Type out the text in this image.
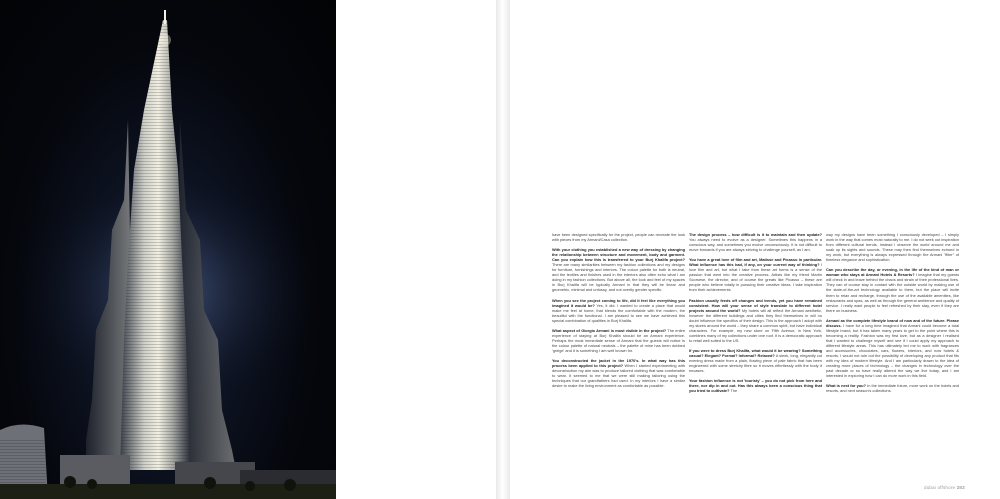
have been designed specifically for the project, people can recreate the look with pieces from my Armani/Casa collection.

With your clothing you established a new way of dressing by changing the relationship between structure and movement, body and garment. Can you explain how this is transferred to your Burj Khalifa project? There are many similarities between my fashion collections and my designs for furniture, furnishings and interiors. The colour palette for both is neutral, and the textiles and finishes used in the interiors also often echo what I am doing in my fashion collections. But above all, the look and feel of my spaces in Burj Khalifa will be typically Armani in that they will be linear and geometric, minimal and unfussy, and not overtly gender specific.

When you see the project coming to life, did it feel like everything you imagined it would be? Yes, it did. I wanted to create a place that would make me feel at home, that blends the comfortable with the modern, the beautiful with the functional. I am pleased to see we have achieved this special combination of qualities in Burj Khalifa.

What aspect of Giorgio Armani is most visible in the project? The entire experience of staying at Burj Khalifa should be an Armani experience. Perhaps the most immediate sense of Armani that the guests will notice is the colour palette of natural neutrals – the palette of mine has been dubbed 'greige' and it is something I am well known for.

You deconstructed the jacket in the 1970's. In what way has this process been applied to this project? When I started experimenting with deconstruction my aim was to produce tailored clothing that was comfortable to wear. It seemed to me that we were still making tailoring using the techniques that our grandfathers had used. In my interiors I have a similar desire to make the living environment as comfortable as possible.

The design process – how difficult is it to maintain and then update? You always need to evolve as a designer. Sometimes this happens in a conscious way, and sometimes you evolve unconsciously. It is not difficult to move forwards if you are always striving to challenge yourself, as I am.

You have a great love of film and art, Matisse and Picasso in particular. What influence has this had, if any, on your current way of thinking? I love film and art, but what I take from these art forms is a sense of the passion that went into the creative process. Artists like my friend Martin Scorsese, the director, and of course the greats like Picasso – these are people who believe totally in pursuing their creative ideas. I take inspiration from their achievements.

Fashion usually feeds off changes and trends, yet you have remained consistent. How will your sense of style translate to different hotel projects around the world? My hotels will all reflect the Armani aesthetic, however the different buildings and cities they find themselves in will no doubt influence the specifics of their design. This is the approach I adopt with my stores around the world – they share a common spirit, but have individual characters. For example, my new store on Fifth Avenue, in New York, combines many of my collections under one roof. It is a democratic approach to retail well suited to the US.

If you were to dress Burj Khalifa, what would it be wearing? Something casual? Elegant? Formal? Informal? Relaxed? A sleek, long, elegantly cut evening dress made from a plain, flowing piece of pale fabric that has been engineered with some stretchy fibre so it moves effortlessly with the body it encases.

Your fashion influence is not 'touristy' – you do not pick from here and there, nor dip in and out. Has this always been a conscious thing that you tried to cultivate? The

way my designs have been something I consciously developed – I simply work in the way that comes most naturally to me. I do not seek out inspiration from different cultural trends. Instead I observe the world around me and soak up its sights and sounds. These may then find themselves echoed in my work, but everything is always expressed through the Armani "filter" of timeless elegance and sophistication.

Can you describe the day, or evening, in the life of the kind of man or woman who stays at Armani Hotels & Resorts? I imagine that my guests will check in and leave behind the chaos and strain of their professional lives. They can of course stay in contact with the outside world by making use of the state-of-the-art technology available to them, but the place will invite them to relax and recharge, through the use of the available amenities, like restaurants and spas, as well as through the general ambience and quality of service. I really want people to feel refreshed by their stay, even if they are there on business.

Armani as the complete lifestyle brand of now and of the future. Please discuss. I have for a long time imagined that Armani could become a total lifestyle brand, but it has taken many years to get to the point where this is becoming a reality. Fashion was my first love, but as a designer I realised that I wanted to challenge myself and see if I could apply my approach to different lifestyle areas. This has ultimately led me to work with fragrances and accessories, chocolates, cars, flowers, interiors, and now hotels & resorts. I would not rule out the possibility of developing any product that fits with my idea of modern lifestyle. And I am particularly drawn to the idea of creating more places of technology – the changes in technology over the past decade or so have really altered the way we live today, and I am interested in exploring how I can do more work in this field.

What is next for you? In the immediate future, more work on the hotels and resorts, and next season's collections.

dubai offshore 283
